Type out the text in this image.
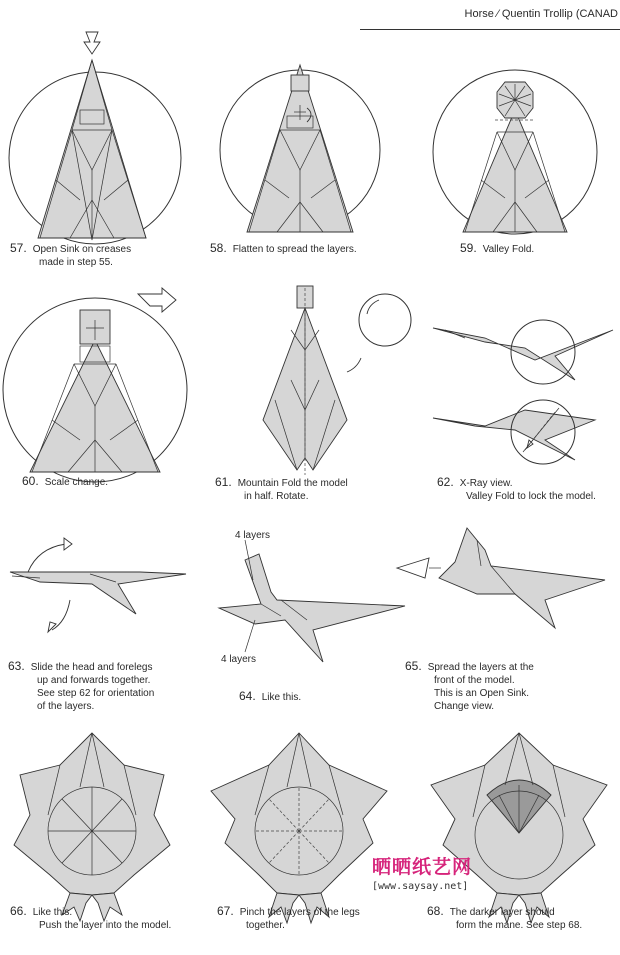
Horse ⁄ Quentin Trollip (CANAD
57. Open Sink on creases
made in step 55.
58. Flatten to spread the layers.	59. Valley Fold.
60. Scale change.	61. Mountain Fold the model
in half. Rotate.
62. X-Ray view.
Valley Fold to lock the model.
63. Slide the head and forelegs
up and forwards together.
See step 62 for orientation
of the layers.
4 layers
4 layers
64. Like this.
65. Spread the layers at the
front of the model.
This is an Open Sink.
Change view.
66. Like this.
Push the layer into the model.
67. Pinch the layers of the legs
together.
68. The darker layer should
form the mane. See step 68.
晒晒纸艺网
[www.saysay.net]
